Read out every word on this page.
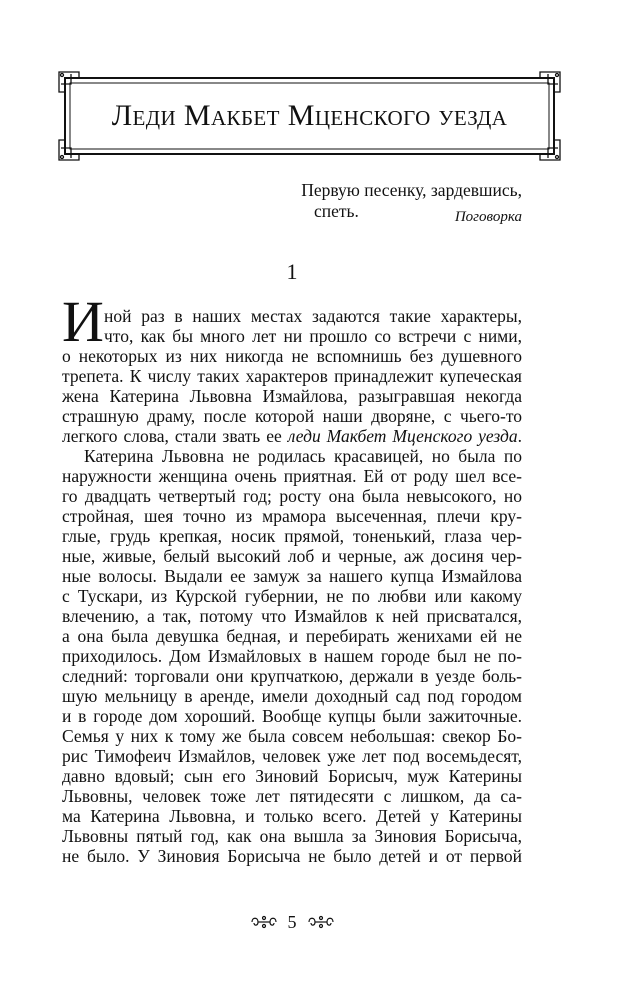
Леди Макбет Мценского уезда
Первую песенку, зардевшись,
спеть.	Поговорка
1
И ной раз в наших местах задаются такие характеры,
что, как бы много лет ни прошло со встречи с ними,
о некоторых из них никогда не вспомнишь без душевного
трепета. К числу таких характеров принадлежит купеческая
жена Катерина Львовна Измайлова, разыгравшая некогда
страшную драму, после которой наши дворяне, с чьего-то
легкого слова, стали звать ее леди Макбет Мценского уезда.
Катерина Львовна не родилась красавицей, но была по
наружности женщина очень приятная. Ей от роду шел все-
го двадцать четвертый год; росту она была невысокого, но
стройная, шея точно из мрамора высеченная, плечи кру-
глые, грудь крепкая, носик прямой, тоненький, глаза чер-
ные, живые, белый высокий лоб и черные, аж досиня чер-
ные волосы. Выдали ее замуж за нашего купца Измайлова
с Тускари, из Курской губернии, не по любви или какому
влечению, а так, потому что Измайлов к ней присватался,
а она была девушка бедная, и перебирать женихами ей не
приходилось. Дом Измайловых в нашем городе был не по-
следний: торговали они крупчаткою, держали в уезде боль-
шую мельницу в аренде, имели доходный сад под городом
и в городе дом хороший. Вообще купцы были зажиточные.
Семья у них к тому же была совсем небольшая: свекор Бо-
рис Тимофеич Измайлов, человек уже лет под восемьдесят,
давно вдовый; сын его Зиновий Борисыч, муж Катерины
Львовны, человек тоже лет пятидесяти с лишком, да са-
ма Катерина Львовна, и только всего. Детей у Катерины
Львовны пятый год, как она вышла за Зиновия Борисыча,
не было. У Зиновия Борисыча не было детей и от первой
5
